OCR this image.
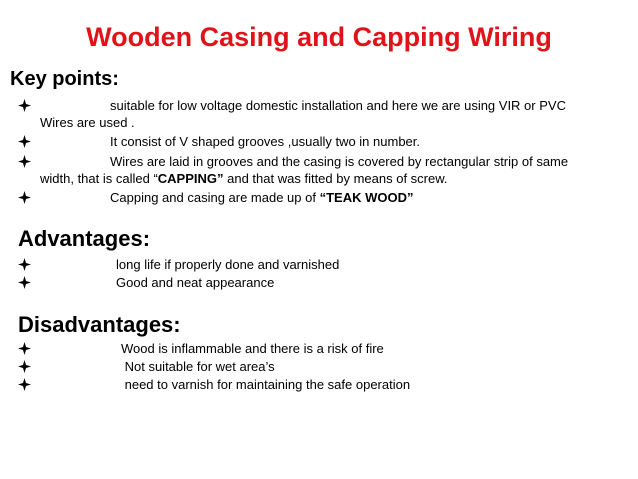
Wooden Casing and Capping Wiring
Key points:
suitable for low voltage domestic installation and here we are using VIR or PVC
Wires are used .
It consist of V shaped grooves ,usually two in number.
Wires are laid in grooves and the casing is covered by rectangular strip of same
width, that is called “CAPPING” and that was fitted by means of screw.
Capping and casing are made up of “TEAK WOOD”
Advantages:
long life if properly done and varnished
Good and neat appearance
Disadvantages:
Wood is inflammable and there is a risk of fire
Not suitable for wet area’s
need to varnish for maintaining the safe operation
